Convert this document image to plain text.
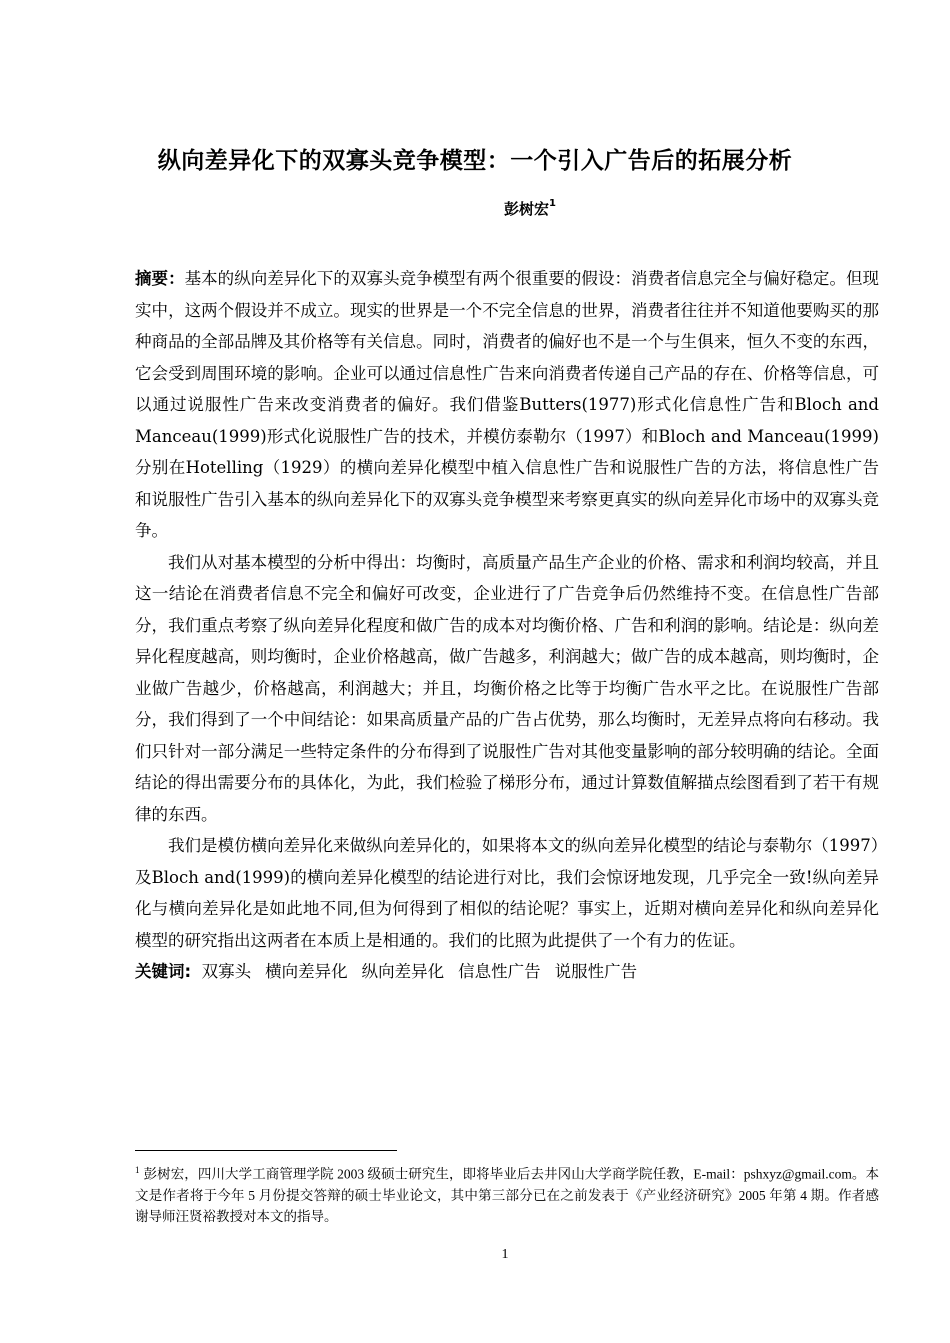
纵向差异化下的双寡头竞争模型：一个引入广告后的拓展分析
彭树宏$^1$

摘要：基本的纵向差异化下的双寡头竞争模型有两个很重要的假设：消费者信息完全与偏好稳定。但现实中，这两个假设并不成立。现实的世界是一个不完全信息的世界，消费者往往并不知道他要购买的那种商品的全部品牌及其价格等有关信息。同时，消费者的偏好也不是一个与生俱来，恒久不变的东西，它会受到周围环境的影响。企业可以通过信息性广告来向消费者传递自己产品的存在、价格等信息，可以通过说服性广告来改变消费者的偏好。我们借鉴Butters(1977)形式化信息性广告和Bloch and Manceau(1999)形式化说服性广告的技术，并模仿泰勒尔（1997）和Bloch and Manceau(1999)分别在Hotelling（1929）的横向差异化模型中植入信息性广告和说服性广告的方法，将信息性广告和说服性广告引入基本的纵向差异化下的双寡头竞争模型来考察更真实的纵向差异化市场中的双寡头竞争。

我们从对基本模型的分析中得出：均衡时，高质量产品生产企业的价格、需求和利润均较高，并且这一结论在消费者信息不完全和偏好可改变，企业进行了广告竞争后仍然维持不变。在信息性广告部分，我们重点考察了纵向差异化程度和做广告的成本对均衡价格、广告和利润的影响。结论是：纵向差异化程度越高，则均衡时，企业价格越高，做广告越多，利润越大；做广告的成本越高，则均衡时，企业做广告越少，价格越高，利润越大；并且，均衡价格之比等于均衡广告水平之比。在说服性广告部分，我们得到了一个中间结论：如果高质量产品的广告占优势，那么均衡时，无差异点将向右移动。我们只针对一部分满足一些特定条件的分布得到了说服性广告对其他变量影响的部分较明确的结论。全面结论的得出需要分布的具体化，为此，我们检验了梯形分布，通过计算数值解描点绘图看到了若干有规律的东西。

我们是模仿横向差异化来做纵向差异化的，如果将本文的纵向差异化模型的结论与泰勒尔（1997）及Bloch and(1999)的横向差异化模型的结论进行对比，我们会惊讶地发现，几乎完全一致!纵向差异化与横向差异化是如此地不同,但为何得到了相似的结论呢？事实上，近期对横向差异化和纵向差异化模型的研究指出这两者在本质上是相通的。我们的比照为此提供了一个有力的佐证。

关键词: 双寡头 横向差异化 纵向差异化 信息性广告 说服性广告

$^1$ 彭树宏，四川大学工商管理学院 2003 级硕士研究生，即将毕业后去井冈山大学商学院任教，E-mail：pshxyz@gmail.com。本文是作者将于今年 5 月份提交答辩的硕士毕业论文，其中第三部分已在之前发表于《产业经济研究》2005 年第 4 期。作者感谢导师汪贤裕教授对本文的指导。

1
